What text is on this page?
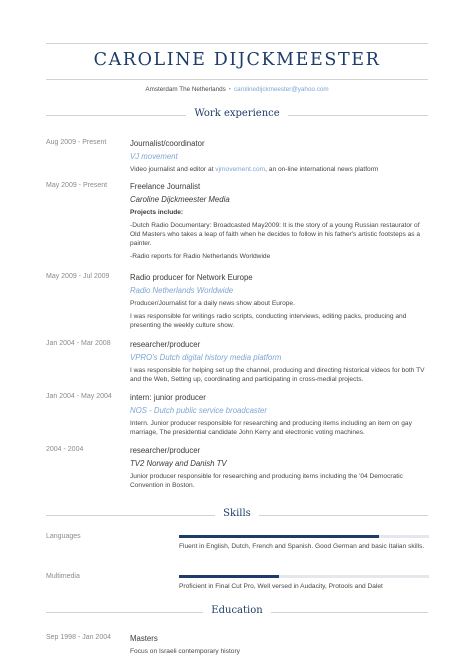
CAROLINE DIJCKMEESTER
Amsterdam The Netherlands • carolinedijckmeester@yahoo.com
Work experience
Aug 2009 - Present	Journalist/coordinator
VJ movement
Video journalist and editor at vjmovement.com, an on-line international news platform
May 2009 - Present	Freelance Journalist
Caroline Dijckmeester Media
Projects include:
-Dutch Radio Documentary: Broadcasted May2009: It is the story of a young Russian restaurator of Old Masters who takes a leap of faith when he decides to follow in his father's artistic footsteps as a painter.
-Radio reports for Radio Netherlands Worldwide
May 2009 - Jul 2009	Radio producer for Network Europe
Radio Netherlands Worldwide
Producer/Journalist for a daily news show about Europe.
I was responsible for writings radio scripts, conducting interviews, editing packs, producing and presenting the weekly culture show.
Jan 2004 - Mar 2008	researcher/producer
VPRO's Dutch digital history media platform
I was responsible for helping set up the channel, producing and directing historical videos for both TV and the Web, Setting up, coordinating and participating in cross-medial projects.
Jan 2004 - May 2004	intern: junior producer
NOS - Dutch public service broadcaster
Intern. Junior producer responsible for researching and producing items including an item on gay marriage, The presidential candidate John Kerry and electronic voting machines.
2004 - 2004	researcher/producer
TV2 Norway and Danish TV
Junior producer responsible for researching and producing items including the '04 Democratic Convention in Boston.
Skills
Languages
Fluent in English, Dutch, French and Spanish. Good German and basic Italian skills.
Multimedia
Proficient in Final Cut Pro, Well versed in Audacity, Protools and Dalet
Education
Sep 1998 - Jan 2004	Masters
Focus on Israeli contemporary history
